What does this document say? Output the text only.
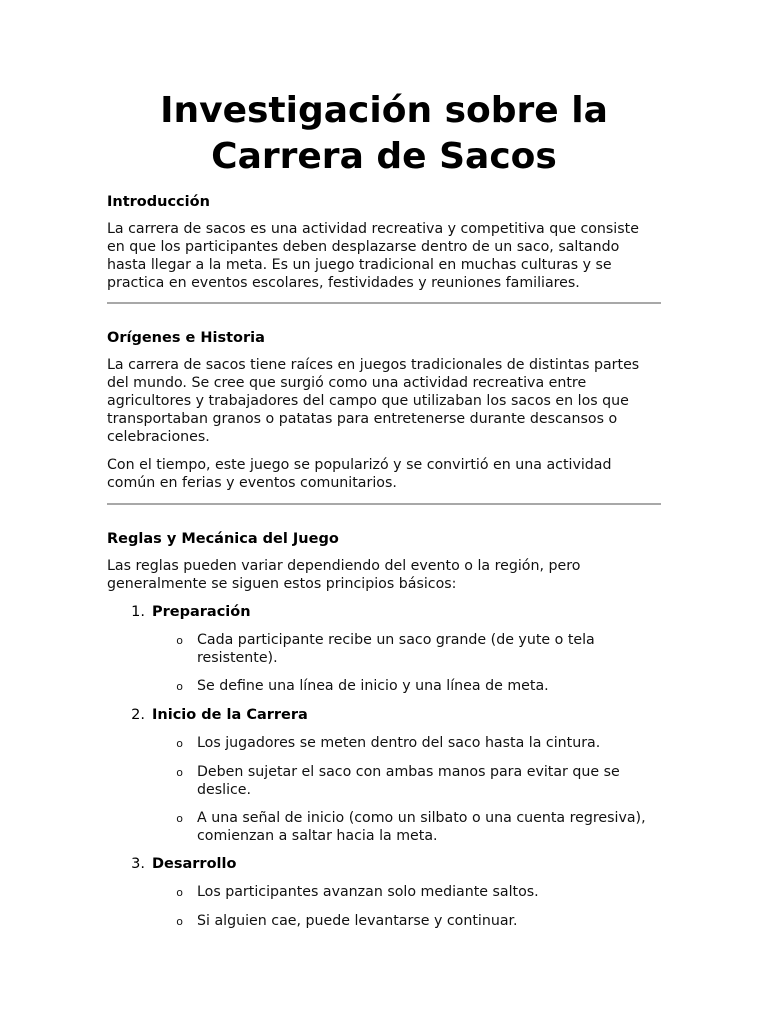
Investigación sobre la Carrera de Sacos
Introducción

La carrera de sacos es una actividad recreativa y competitiva que consiste en que los participantes deben desplazarse dentro de un saco, saltando hasta llegar a la meta. Es un juego tradicional en muchas culturas y se practica en eventos escolares, festividades y reuniones familiares.

Orígenes e Historia

La carrera de sacos tiene raíces en juegos tradicionales de distintas partes del mundo. Se cree que surgió como una actividad recreativa entre agricultores y trabajadores del campo que utilizaban los sacos en los que transportaban granos o patatas para entretenerse durante descansos o celebraciones.

Con el tiempo, este juego se popularizó y se convirtió en una actividad común en ferias y eventos comunitarios.

Reglas y Mecánica del Juego

Las reglas pueden variar dependiendo del evento o la región, pero generalmente se siguen estos principios básicos:

1. Preparación
o Cada participante recibe un saco grande (de yute o tela resistente).
o Se define una línea de inicio y una línea de meta.
2. Inicio de la Carrera
o Los jugadores se meten dentro del saco hasta la cintura.
o Deben sujetar el saco con ambas manos para evitar que se deslice.
o A una señal de inicio (como un silbato o una cuenta regresiva), comienzan a saltar hacia la meta.
3. Desarrollo
o Los participantes avanzan solo mediante saltos.
o Si alguien cae, puede levantarse y continuar.
